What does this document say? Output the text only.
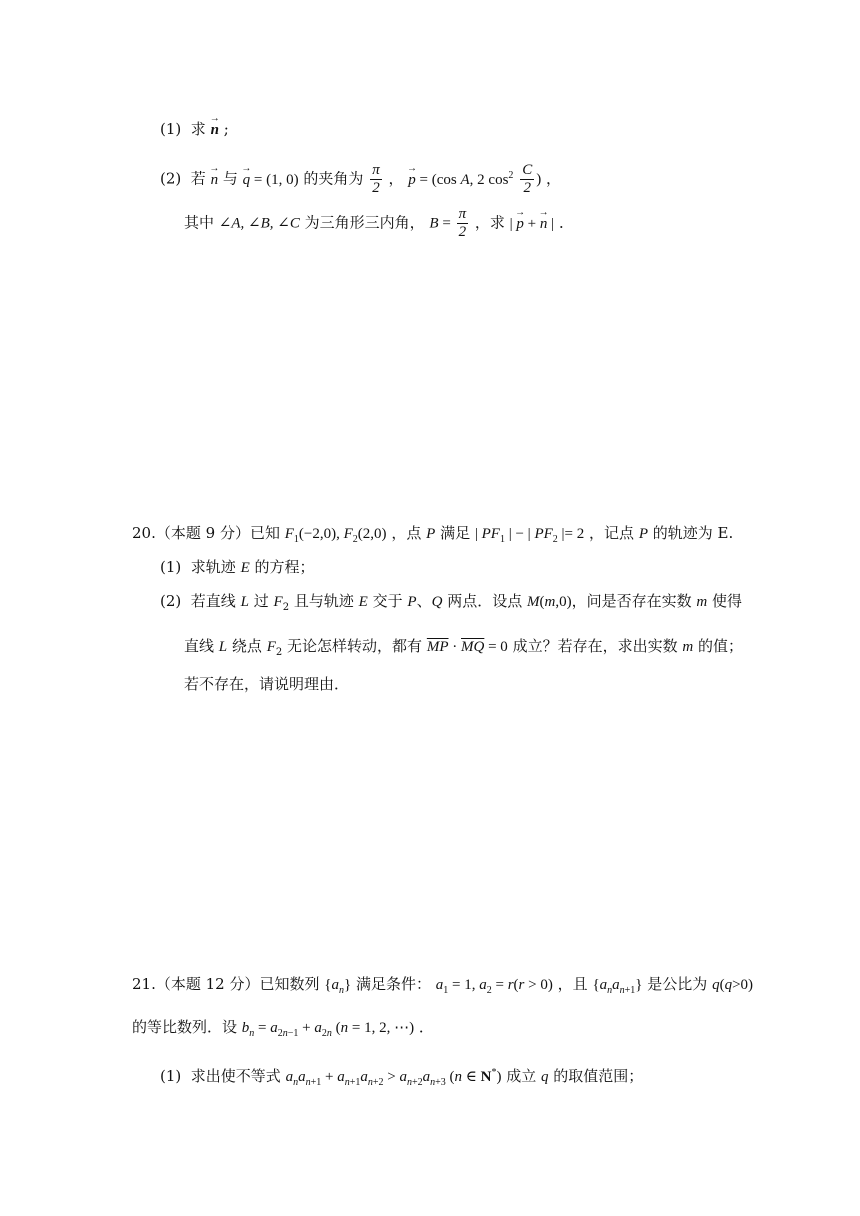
(1) 求 → n ;
(2) 若 → n 与 → q = (1, 0) 的夹角为 $\frac{\pi}{2}$ ， → p = (cos A, 2 $\cos^2 \frac{C}{2}$ ) ，
其中 ∠A, ∠B, ∠C 为三角形三内角， $B = \frac{\pi}{2}$ ，求 | → p + → n | ．
20.（本题 9 分）已知 $F_1(-2,0)$, $F_2(2,0)$ ，点 P 满足 | $PF_1$ | − | $PF_2$ |= 2 ，记点 P 的轨迹为 E.
(1) 求轨迹 E 的方程；
(2) 若直线 L 过 $F_2$ 且与轨迹 E 交于 P、Q 两点．设点 M(m,0)，问是否存在实数 m 使得
直线 L 绕点 $F_2$ 无论怎样转动，都有 $\overline{MP} \cdot \overline{MQ} = 0$ 成立？若存在，求出实数 m 的值；
若不存在，请说明理由．
21.（本题 12 分）已知数列 $\{a_n\}$ 满足条件： $a_1 = 1$, $a_2 = r(r > 0)$ ，且 $\{a_na_{n+1}\}$ 是公比为 q(q>0)
的等比数列．设 $b_n = a_{2n-1} + a_{2n}$ (n = 1, 2, ⋯) ．
(1) 求出使不等式 $a_na_{n+1} + a_{n+1}a_{n+2} > a_{n+2}a_{n+3}$ (n ∈ N*) 成立 q 的取值范围；
